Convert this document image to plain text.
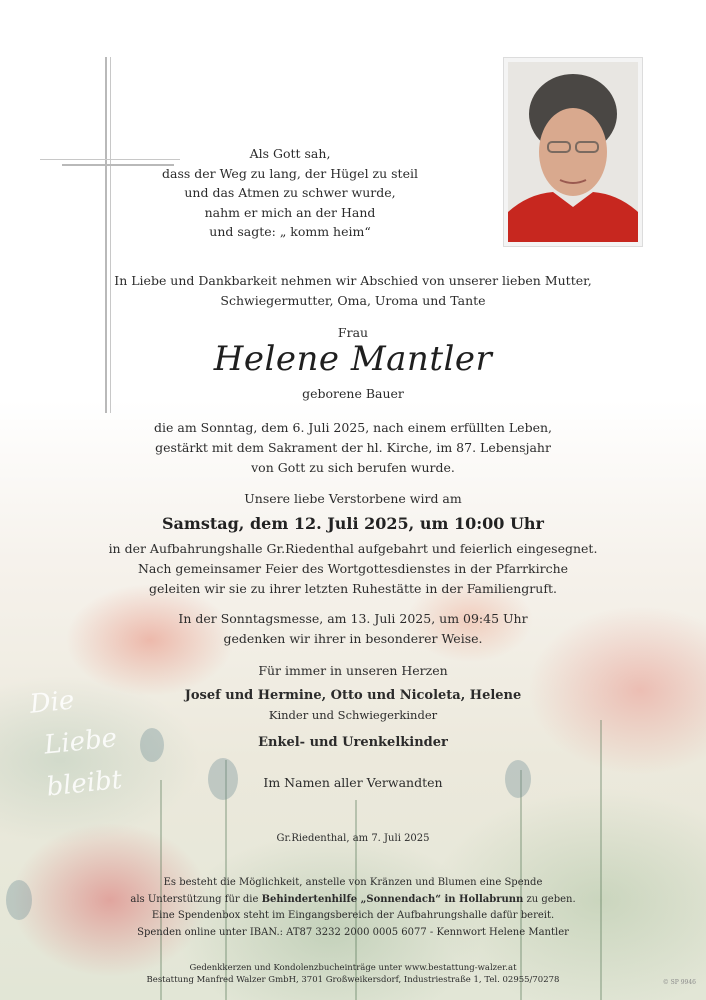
Die
Liebe
bleibt
Als Gott sah,
dass der Weg zu lang, der Hügel zu steil
und das Atmen zu schwer wurde,
nahm er mich an der Hand
und sagte: „ komm heim“
In Liebe und Dankbarkeit nehmen wir Abschied von unserer lieben Mutter,
Schwiegermutter, Oma, Uroma und Tante
Frau
Helene Mantler
geborene Bauer
die am Sonntag, dem 6. Juli 2025, nach einem erfüllten Leben,
gestärkt mit dem Sakrament der hl. Kirche, im 87. Lebensjahr
von Gott zu sich berufen wurde.
Unsere liebe Verstorbene wird am
Samstag, dem 12. Juli 2025, um 10:00 Uhr
in der Aufbahrungshalle Gr.Riedenthal aufgebahrt und feierlich eingesegnet.
Nach gemeinsamer Feier des Wortgottesdienstes in der Pfarrkirche
geleiten wir sie zu ihrer letzten Ruhestätte in der Familiengruft.
In der Sonntagsmesse, am 13. Juli 2025, um 09:45 Uhr
gedenken wir ihrer in besonderer Weise.
Für immer in unseren Herzen
Josef und Hermine, Otto und Nicoleta, Helene
Kinder und Schwiegerkinder
Enkel- und Urenkelkinder
Im Namen aller Verwandten
Gr.Riedenthal, am 7. Juli 2025
Es besteht die Möglichkeit, anstelle von Kränzen und Blumen eine Spende
als Unterstützung für die Behindertenhilfe „Sonnendach“ in Hollabrunn zu geben.
Eine Spendenbox steht im Eingangsbereich der Aufbahrungshalle dafür bereit.
Spenden online unter IBAN.: AT87 3232 2000 0005 6077 - Kennwort Helene Mantler
Gedenkkerzen und Kondolenzbucheinträge unter www.bestattung-walzer.at
Bestattung Manfred Walzer GmbH, 3701 Großweikersdorf, Industriestraße 1, Tel. 02955/70278	© SP 9946
